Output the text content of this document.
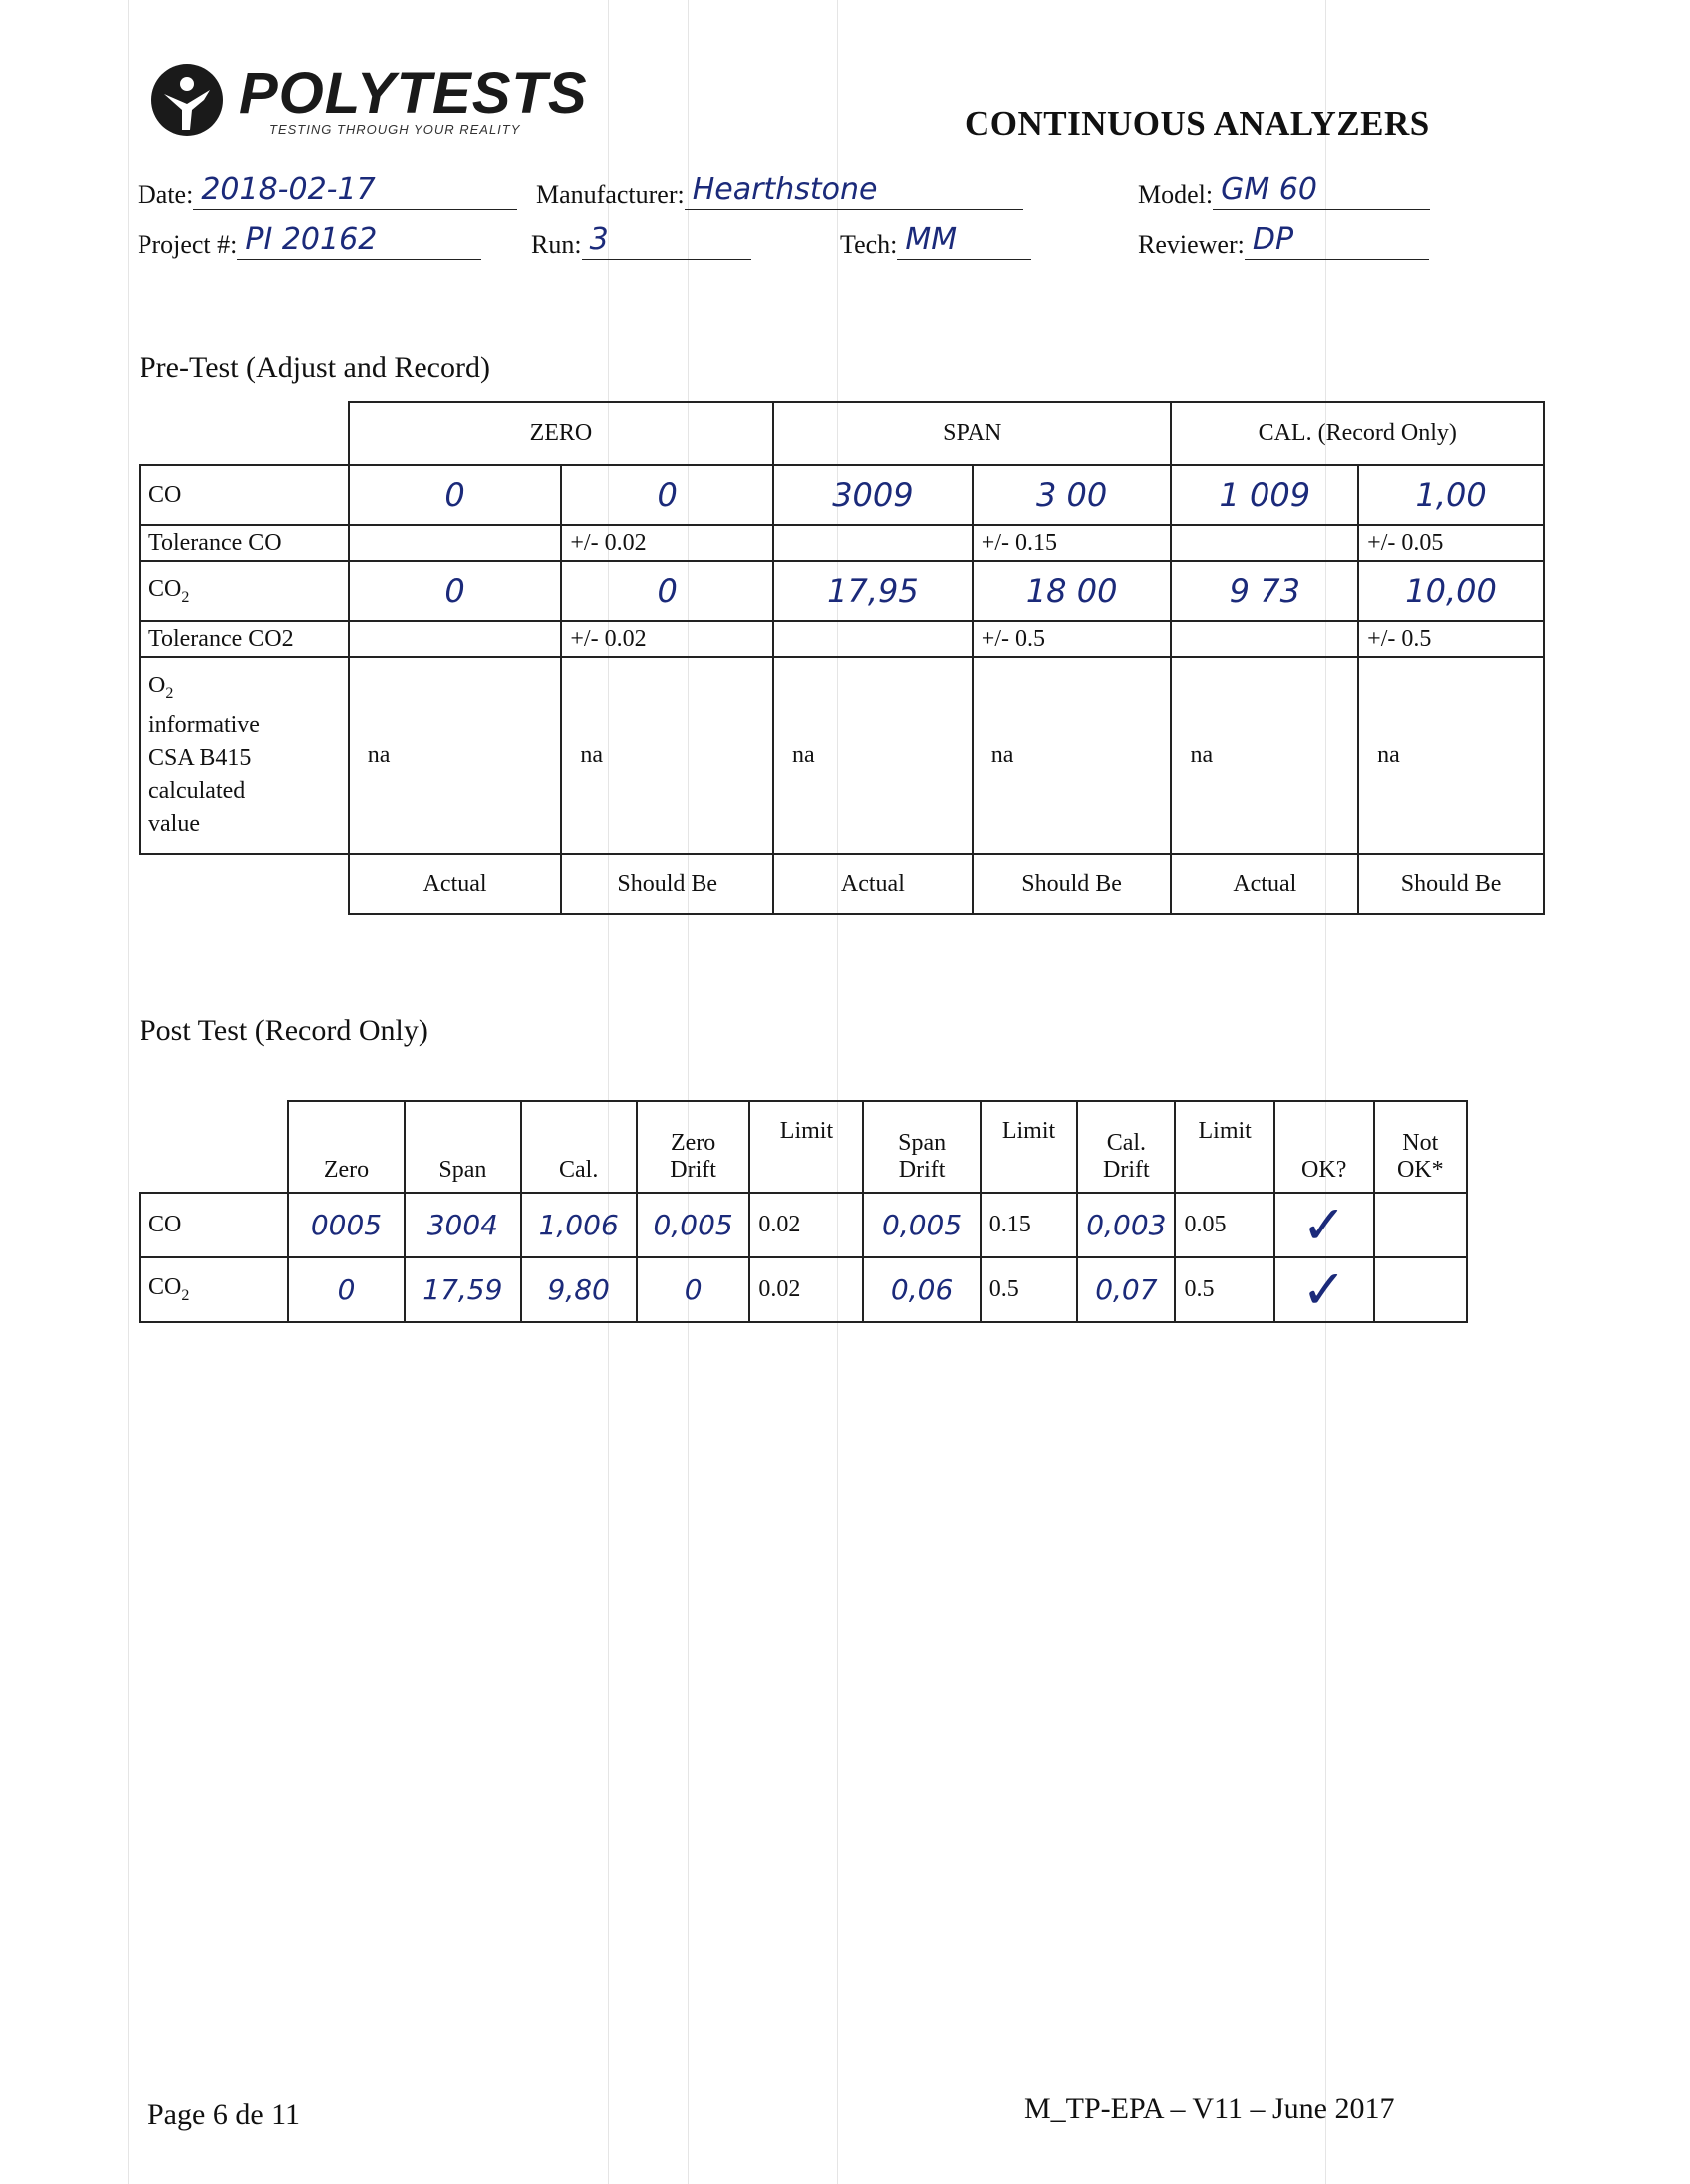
POLYTESTS
TESTING THROUGH YOUR REALITY	CONTINUOUS ANALYZERS
Date: 2018-02-17	Manufacturer: Hearthstone	Model: GM 60
Project #: PI 20162	Run: 3	Tech: MM	Reviewer: DP
Pre-Test (Adjust and Record)
	ZERO		SPAN		CAL. (Record Only)	
CO	0	0	3009	3 00	1 009	1,00
Tolerance CO		+/- 0.02		+/- 0.15		+/- 0.05
$CO_2$	0	0	17,95	18 00	9 73	10,00
Tolerance CO2		+/- 0.02		+/- 0.5		+/- 0.5

$O_2$
informative
CSA B415
calculated
value	na	na	na	na	na	na
	Actual	Should Be	Actual	Should Be	Actual	Should Be
Post Test (Record Only)
	Zero	Span	Cal.	Zero Drift	Limit	Span Drift	Limit	Cal. Drift	Limit	OK?	Not OK*
CO	0005	3004	1,006	0,005	0.02	0,005	0.15	0,003	0.05	✓	
$CO_2$	0	17,59	9,80	0	0.02	0,06	0.5	0,07	0.5	✓	
Page 6 de 11	M_TP-EPA – V11 – June 2017
